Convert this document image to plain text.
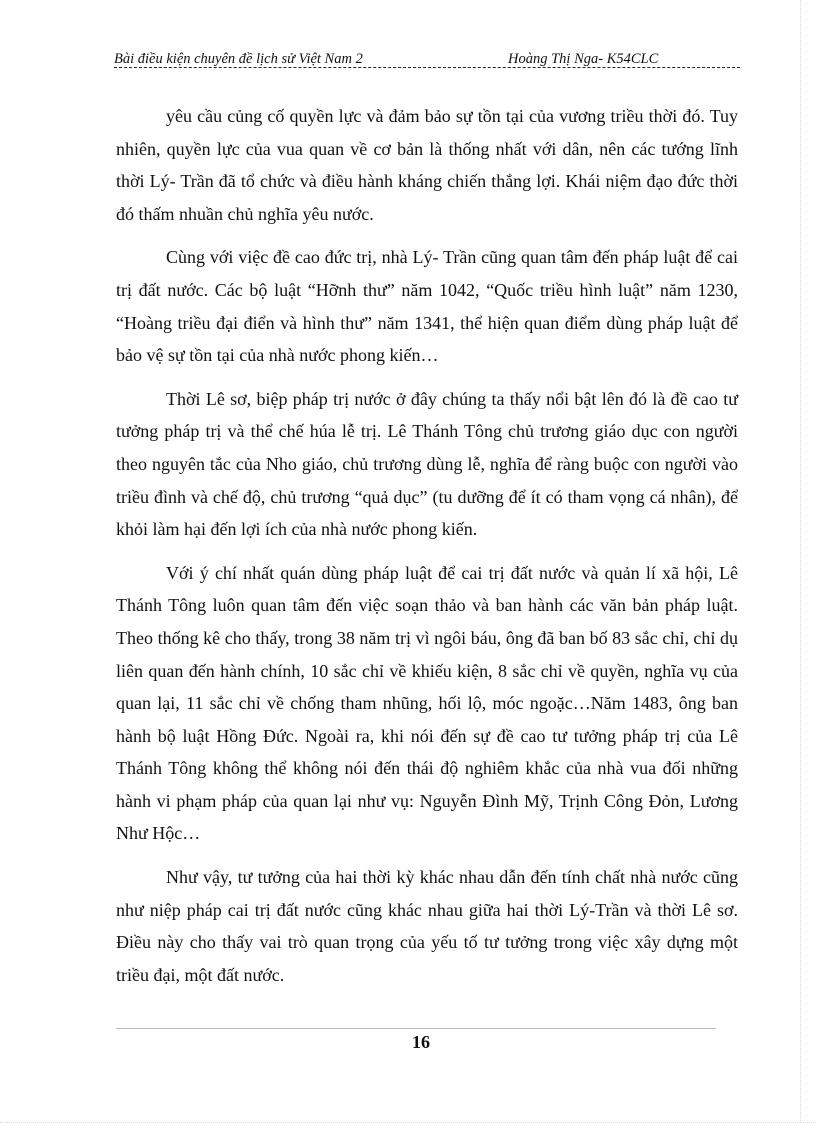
Bài điều kiện chuyên đề lịch sử Việt Nam 2	Hoàng Thị Nga- K54CLC

yêu cầu củng cố quyền lực và đảm bảo sự tồn tại của vương triều thời đó. Tuy nhiên, quyền lực của vua quan về cơ bản là thống nhất với dân, nên các tướng lĩnh thời Lý- Trần đã tổ chức và điều hành kháng chiến thắng lợi. Khái niệm đạo đức thời đó thấm nhuần chủ nghĩa yêu nước.

Cùng với việc đề cao đức trị, nhà Lý- Trần cũng quan tâm đến pháp luật để cai trị đất nước. Các bộ luật “Hỡnh thư” năm 1042, “Quốc triều hình luật” năm 1230, “Hoàng triều đại điển và hình thư” năm 1341, thể hiện quan điểm dùng pháp luật để bảo vệ sự tồn tại của nhà nước phong kiến…

Thời Lê sơ, biệp pháp trị nước ở đây chúng ta thấy nổi bật lên đó là đề cao tư tưởng pháp trị và thể chế húa lễ trị. Lê Thánh Tông chủ trương giáo dục con người theo nguyên tắc của Nho giáo, chủ trương dùng lễ, nghĩa để ràng buộc con người vào triều đình và chế độ, chủ trương “quả dục” (tu dưỡng để ít có tham vọng cá nhân), để khỏi làm hại đến lợi ích của nhà nước phong kiến.

Với ý chí nhất quán dùng pháp luật để cai trị đất nước và quản lí xã hội, Lê Thánh Tông luôn quan tâm đến việc soạn thảo và ban hành các văn bản pháp luật. Theo thống kê cho thấy, trong 38 năm trị vì ngôi báu, ông đã ban bố 83 sắc chỉ, chỉ dụ liên quan đến hành chính, 10 sắc chỉ về khiếu kiện, 8 sắc chỉ về quyền, nghĩa vụ của quan lại, 11 sắc chỉ về chống tham nhũng, hối lộ, móc ngoặc…Năm 1483, ông ban hành bộ luật Hồng Đức. Ngoài ra, khi nói đến sự đề cao tư tưởng pháp trị của Lê Thánh Tông không thể không nói đến thái độ nghiêm khắc của nhà vua đối những hành vi phạm pháp của quan lại như vụ: Nguyễn Đình Mỹ, Trịnh Công Đỏn, Lương Như Hộc…

Như vậy, tư tưởng của hai thời kỳ khác nhau dẫn đến tính chất nhà nước cũng như niệp pháp cai trị đất nước cũng khác nhau giữa hai thời Lý-Trần và thời Lê sơ. Điều này cho thấy vai trò quan trọng của yếu tố tư tưởng trong việc xây dựng một triều đại, một đất nước.

16
